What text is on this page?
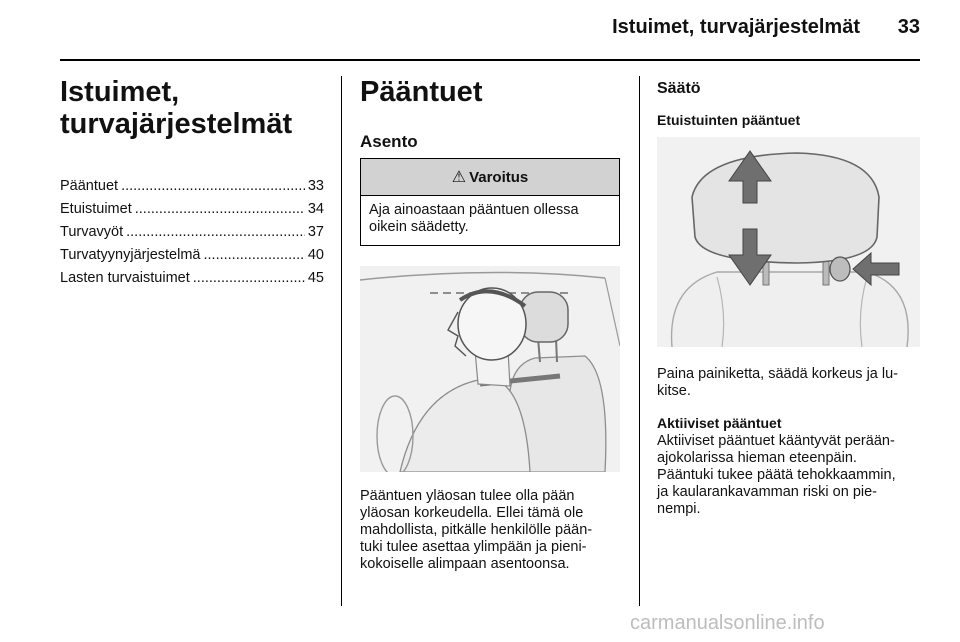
Istuimet, turvajärjestelmät	33
Istuimet,
turvajärjestelmät
Pääntuet .....	33
Etuistuimet .....	34
Turvavyöt .....	37
Turvatyynyjärjestelmä .....	40
Lasten turvaistuimet .....	45
Pääntuet
Asento
⚠ Varoitus
Aja ainoastaan pääntuen ollessa
oikein säädetty.
Pääntuen yläosan tulee olla pään
yläosan korkeudella. Ellei tämä ole
mahdollista, pitkälle henkilölle pään-
tuki tulee asettaa ylimpään ja pieni-
kokoiselle alimpaan asentoonsa.
Säätö
Etuistuinten pääntuet
Paina painiketta, säädä korkeus ja lu-
kitse.
Aktiiviset pääntuet
Aktiiviset pääntuet kääntyvät perään-
ajokolarissa hieman eteenpäin.
Pääntuki tukee päätä tehokkaammin,
ja kaularankavamman riski on pie-
nempi.
carmanualsonline.info
